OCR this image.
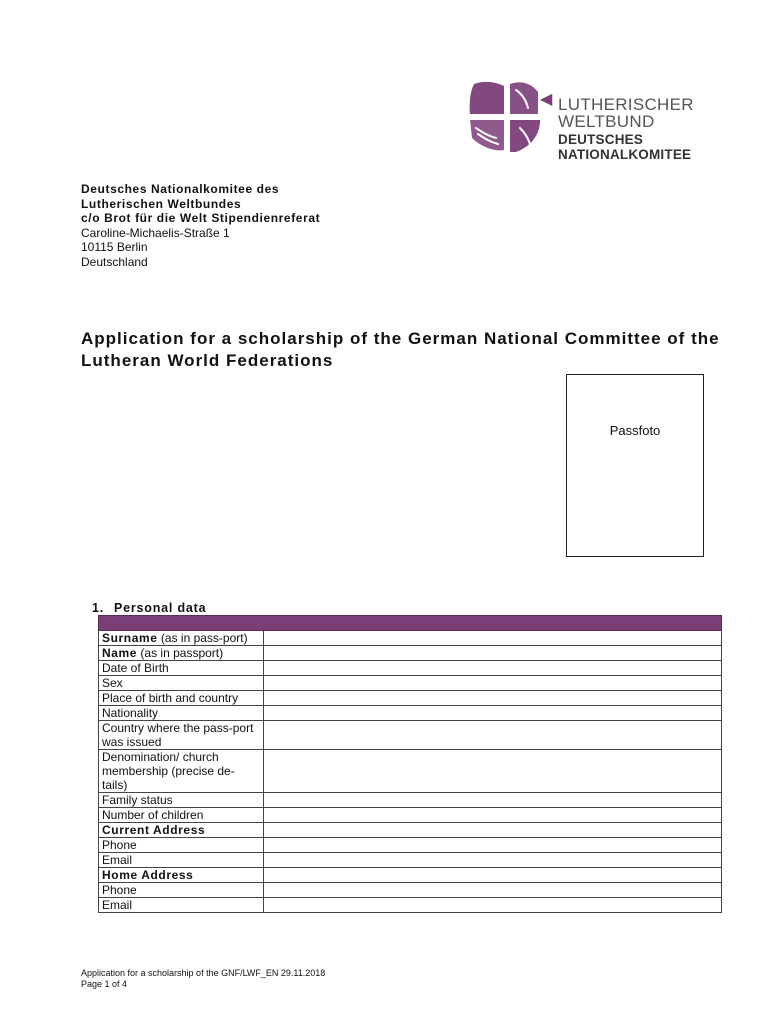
◀ LUTHERISCHER
WELTBUND
DEUTSCHES
NATIONALKOMITEE
Deutsches Nationalkomitee des
Lutherischen Weltbundes
c/o Brot für die Welt Stipendienreferat
Caroline-Michaelis-Straße 1
10115 Berlin
Deutschland
Application for a scholarship of the German National Committee of the Lutheran World Federations
Passfoto
1. Personal data

Surname (as in pass-port)	
Name (as in passport)	
Date of Birth	
Sex	
Place of birth and country	
Nationality	
Country where the pass-port was issued	
Denomination/ church membership (precise de-tails)	
Family status	
Number of children	
Current Address	
Phone	
Email	
Home Address	
Phone	
Email	
Application for a scholarship of the GNF/LWF_EN 29.11.2018
Page 1 of 4
